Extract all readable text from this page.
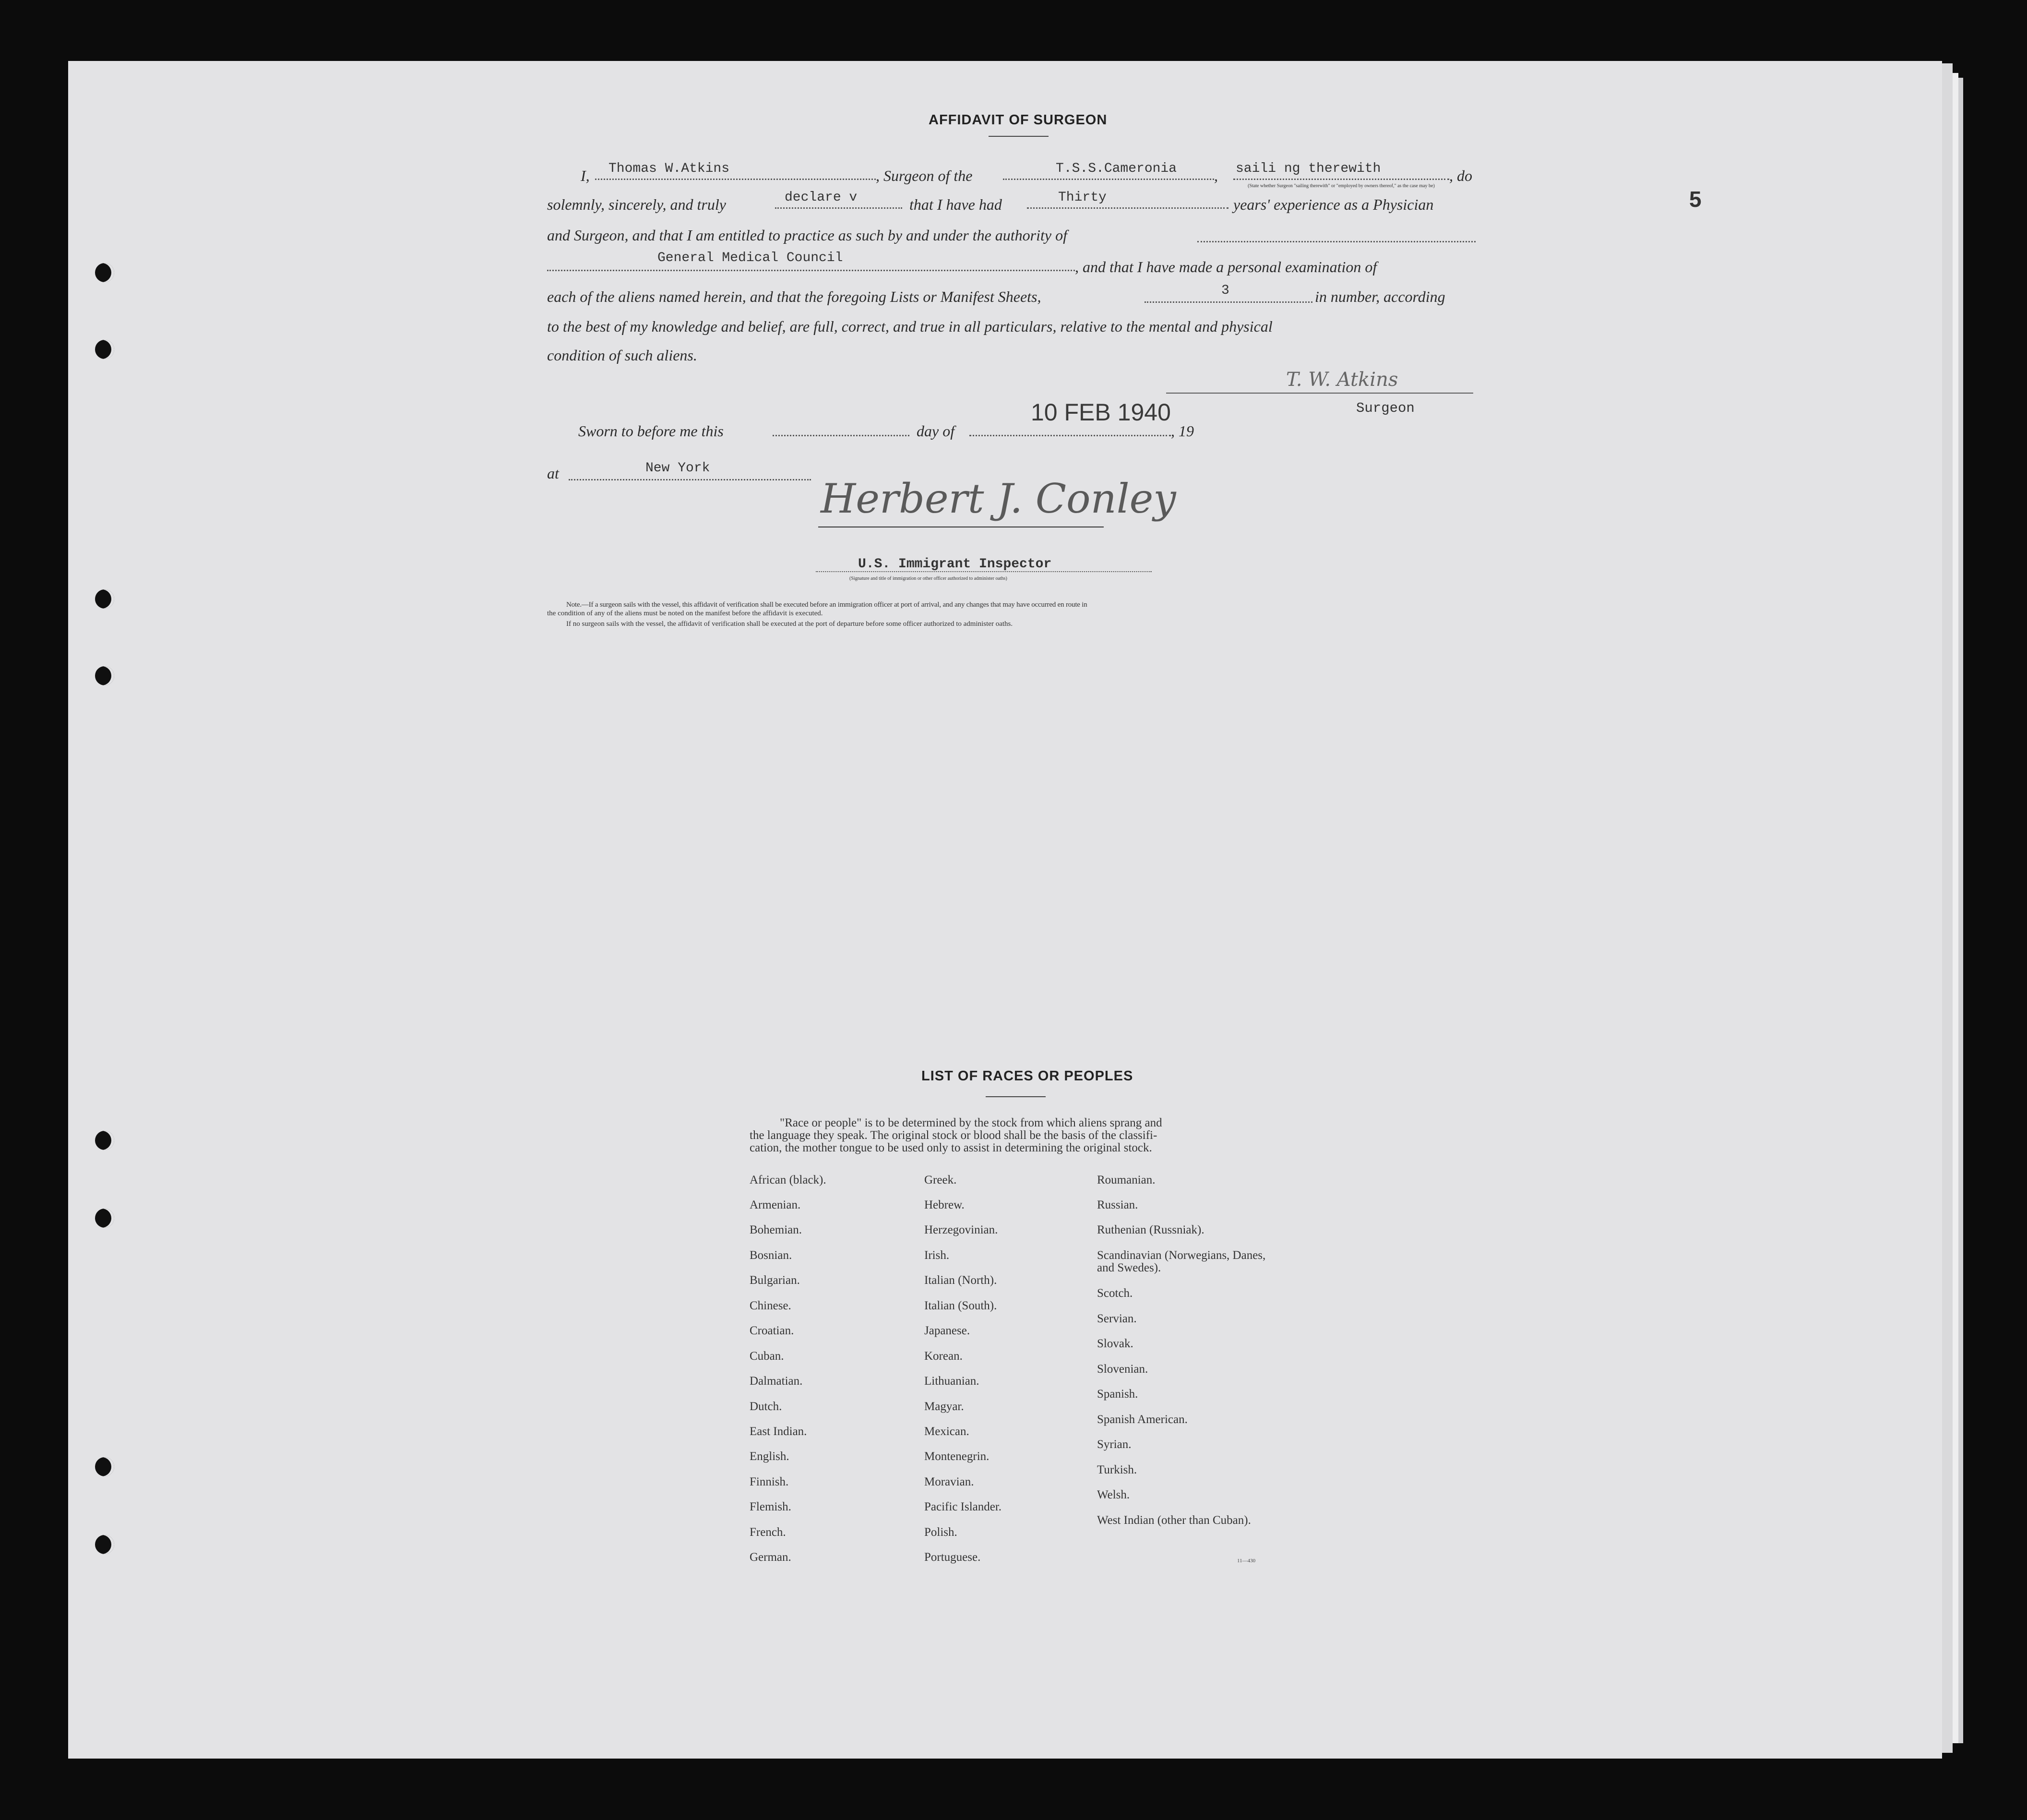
5
AFFIDAVIT OF SURGEON
I, Thomas W.Atkins	, Surgeon of the	T.S.S.Cameronia , saili ng therewith	, do
(State whether Surgeon "sailing therewith" or "employed by owners thereof," as the case may be)
solemnly, sincerely, and truly	declare v	that I have had	Thirty	years' experience as a Physician
and Surgeon, and that I am entitled to practice as such by and under the authority of
General Medical Council
, and that I have made a personal examination of
each of the aliens named herein, and that the foregoing Lists or Manifest Sheets,	3	in number, according
to the best of my knowledge and belief, are full, correct, and true in all particulars, relative to the mental and physical
condition of such aliens.
T. W. Atkins
Surgeon
Sworn to before me this	day of
10 FEB 1940
, 19
at	New York
Herbert J. Conley
U.S. Immigrant Inspector
(Signature and title of immigration or other officer authorized to administer oaths)
Note.—If a surgeon sails with the vessel, this affidavit of verification shall be executed before an immigration officer at port of arrival, and any changes that may have occurred en route in
the condition of any of the aliens must be noted on the manifest before the affidavit is executed.
If no surgeon sails with the vessel, the affidavit of verification shall be executed at the port of departure before some officer authorized to administer oaths.
LIST OF RACES OR PEOPLES
"Race or people" is to be determined by the stock from which aliens sprang and
the language they speak. The original stock or blood shall be the basis of the classifi-
cation, the mother tongue to be used only to assist in determining the original stock.
African (black).
Armenian.
Bohemian.
Bosnian.
Bulgarian.
Chinese.
Croatian.
Cuban.
Dalmatian.
Dutch.
East Indian.
English.
Finnish.
Flemish.
French.
German.
Greek.
Hebrew.
Herzegovinian.
Irish.
Italian (North).
Italian (South).
Japanese.
Korean.
Lithuanian.
Magyar.
Mexican.
Montenegrin.
Moravian.
Pacific Islander.
Polish.
Portuguese.
Roumanian.
Russian.
Ruthenian (Russniak).
Scandinavian (Norwegians, Danes, and Swedes).
Scotch.
Servian.
Slovak.
Slovenian.
Spanish.
Spanish American.
Syrian.
Turkish.
Welsh.
West Indian (other than Cuban).
11—430
